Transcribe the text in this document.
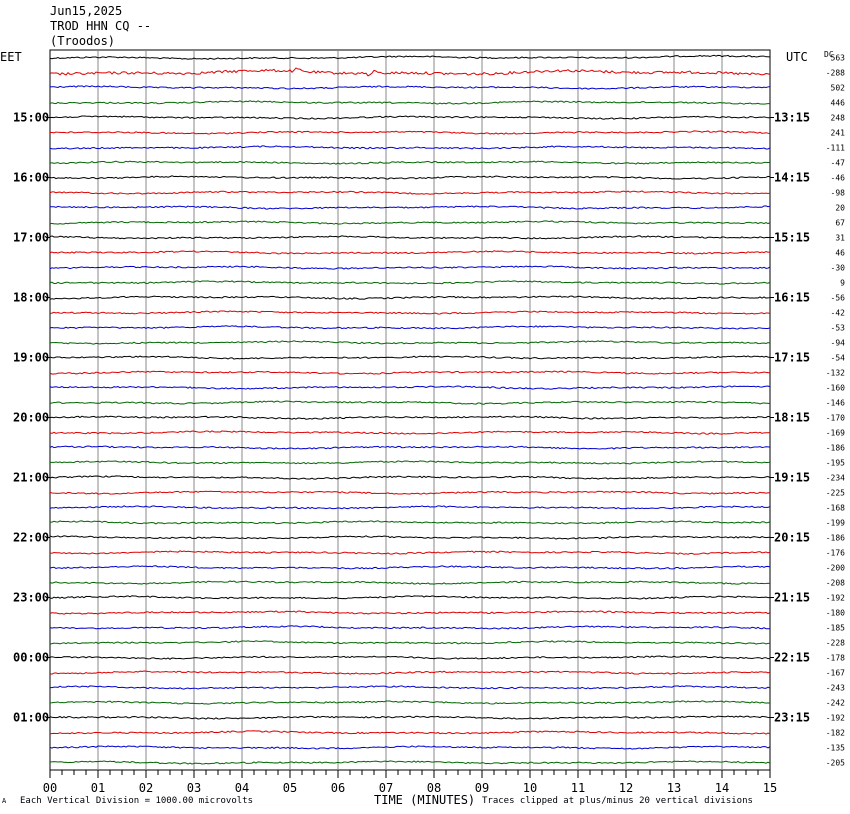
563
-288
502
446
248
241
-111
-47
-46
-98
20
67
31
46
-30
9
-56
-42
-53
-94
-54
-132
-160
-146
-170
-169
-186
-195
-234
-225
-168
-199
-186
-176
-200
-208
-192
-180
-185
-228
-178
-167
-243
-242
-192
-182
-135
-205
15:00
16:00
17:00
18:00
19:00
20:00
21:00
22:00
23:00
00:00
01:00
13:15
14:15
15:15
16:15
17:15
18:15
19:15
20:15
21:15
22:15
23:15
00	01	02	03	04	05	06	07	08	09	10	11	12	13	14	15
Jun15,2025
TROD HHN CQ --
(Troodos)
EET	UTC DC
A Each Vertical Division = 1000.00 microvolts	TIME (MINUTES) Traces clipped at plus/minus 20 vertical divisions
